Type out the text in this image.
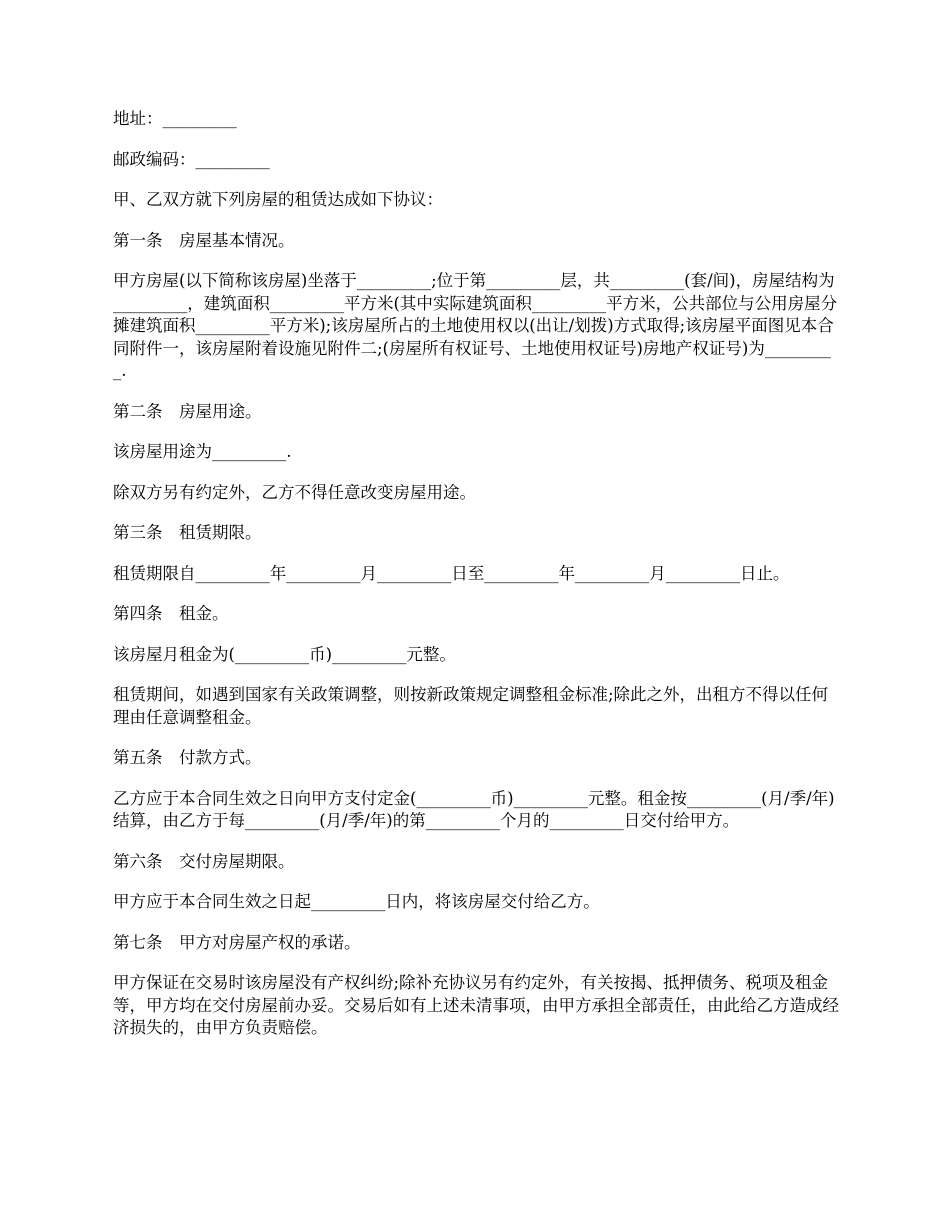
地址：_________

邮政编码：_________

甲、乙双方就下列房屋的租赁达成如下协议：

第一条　房屋基本情况。

甲方房屋(以下简称该房屋)坐落于_________;位于第_________层，共_________(套/间)，房屋结构为_________，建筑面积_________平方米(其中实际建筑面积_________平方米，公共部位与公用房屋分摊建筑面积_________平方米);该房屋所占的土地使用权以(出让/划拨)方式取得;该房屋平面图见本合同附件一，该房屋附着设施见附件二;(房屋所有权证号、土地使用权证号)房地产权证号)为_________.

第二条　房屋用途。

该房屋用途为_________.

除双方另有约定外，乙方不得任意改变房屋用途。

第三条　租赁期限。

租赁期限自_________年_________月_________日至_________年_________月_________日止。

第四条　租金。

该房屋月租金为(_________币)_________元整。

租赁期间，如遇到国家有关政策调整，则按新政策规定调整租金标准;除此之外，出租方不得以任何理由任意调整租金。

第五条　付款方式。

乙方应于本合同生效之日向甲方支付定金(_________币)_________元整。租金按_________(月/季/年)结算，由乙方于每_________(月/季/年)的第_________个月的_________日交付给甲方。

第六条　交付房屋期限。

甲方应于本合同生效之日起_________日内，将该房屋交付给乙方。

第七条　甲方对房屋产权的承诺。

甲方保证在交易时该房屋没有产权纠纷;除补充协议另有约定外，有关按揭、抵押债务、税项及租金等，甲方均在交付房屋前办妥。交易后如有上述未清事项，由甲方承担全部责任，由此给乙方造成经济损失的，由甲方负责赔偿。
